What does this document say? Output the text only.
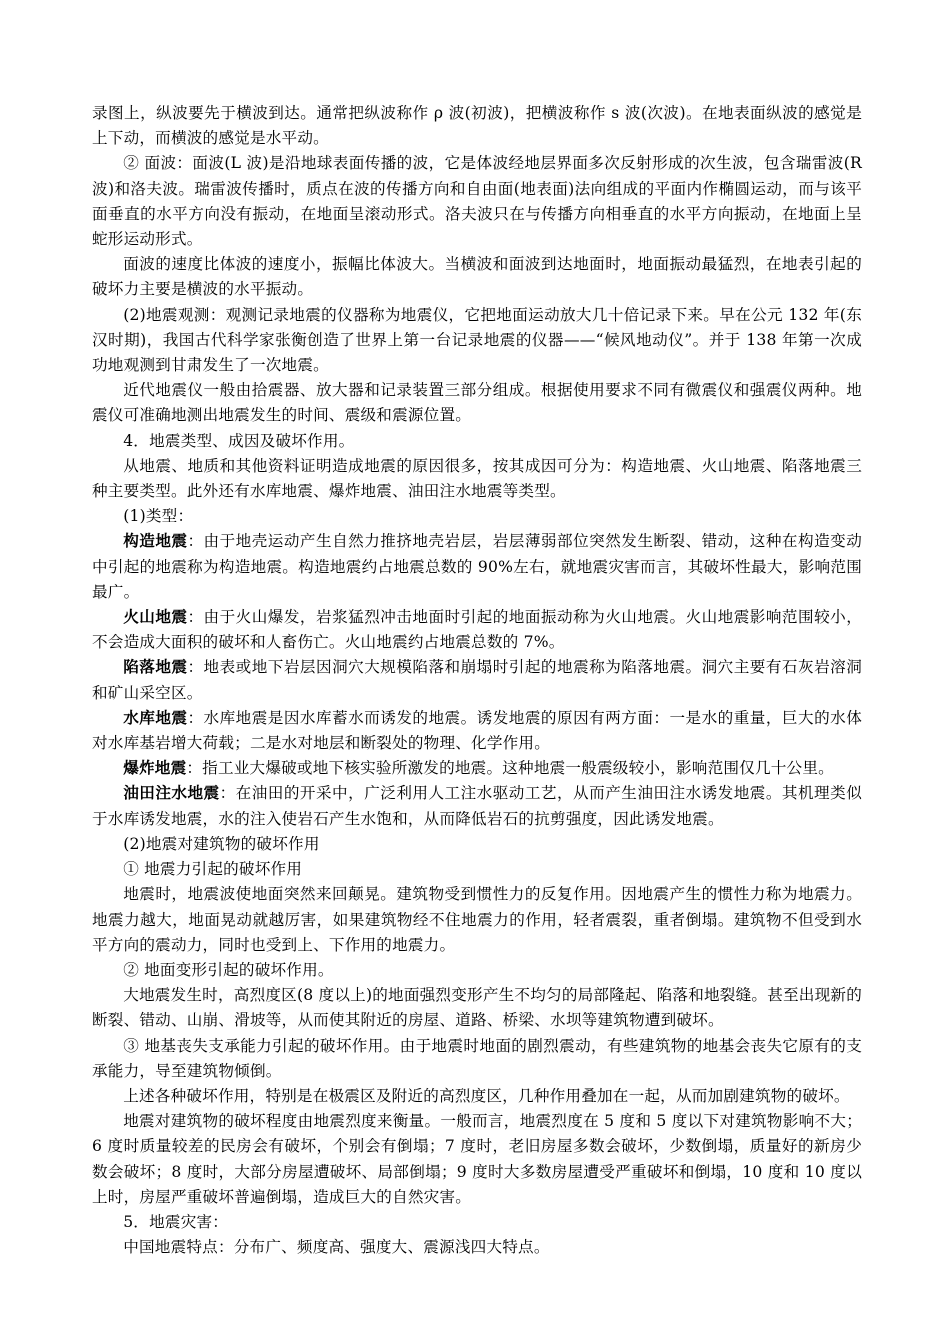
录图上，纵波要先于横波到达。通常把纵波称作 ρ 波(初波)，把横波称作 s 波(次波)。在地表面纵波的感觉是上下动，而横波的感觉是水平动。

② 面波：面波(L 波)是沿地球表面传播的波，它是体波经地层界面多次反射形成的次生波，包含瑞雷波(R 波)和洛夫波。瑞雷波传播时，质点在波的传播方向和自由面(地表面)法向组成的平面内作椭圆运动，而与该平面垂直的水平方向没有振动，在地面呈滚动形式。洛夫波只在与传播方向相垂直的水平方向振动，在地面上呈蛇形运动形式。

面波的速度比体波的速度小，振幅比体波大。当横波和面波到达地面时，地面振动最猛烈，在地表引起的破坏力主要是横波的水平振动。

(2)地震观测：观测记录地震的仪器称为地震仪，它把地面运动放大几十倍记录下来。早在公元 132 年(东汉时期)，我国古代科学家张衡创造了世界上第一台记录地震的仪器——“候风地动仪”。并于 138 年第一次成功地观测到甘肃发生了一次地震。

近代地震仪一般由拾震器、放大器和记录装置三部分组成。根据使用要求不同有微震仪和强震仪两种。地震仪可准确地测出地震发生的时间、震级和震源位置。

4．地震类型、成因及破坏作用。

从地震、地质和其他资料证明造成地震的原因很多，按其成因可分为：构造地震、火山地震、陷落地震三种主要类型。此外还有水库地震、爆炸地震、油田注水地震等类型。

(1)类型：

构造地震：由于地壳运动产生自然力推挤地壳岩层，岩层薄弱部位突然发生断裂、错动，这种在构造变动中引起的地震称为构造地震。构造地震约占地震总数的 90%左右，就地震灾害而言，其破坏性最大，影响范围最广。

火山地震：由于火山爆发，岩浆猛烈冲击地面时引起的地面振动称为火山地震。火山地震影响范围较小，不会造成大面积的破坏和人畜伤亡。火山地震约占地震总数的 7%。

陷落地震：地表或地下岩层因洞穴大规模陷落和崩塌时引起的地震称为陷落地震。洞穴主要有石灰岩溶洞和矿山采空区。

水库地震：水库地震是因水库蓄水而诱发的地震。诱发地震的原因有两方面：一是水的重量，巨大的水体对水库基岩增大荷载；二是水对地层和断裂处的物理、化学作用。

爆炸地震：指工业大爆破或地下核实验所激发的地震。这种地震一般震级较小，影响范围仅几十公里。

油田注水地震：在油田的开采中，广泛利用人工注水驱动工艺，从而产生油田注水诱发地震。其机理类似于水库诱发地震，水的注入使岩石产生水饱和，从而降低岩石的抗剪强度，因此诱发地震。

(2)地震对建筑物的破坏作用

① 地震力引起的破坏作用

地震时，地震波使地面突然来回颠晃。建筑物受到惯性力的反复作用。因地震产生的惯性力称为地震力。地震力越大，地面晃动就越厉害，如果建筑物经不住地震力的作用，轻者震裂，重者倒塌。建筑物不但受到水平方向的震动力，同时也受到上、下作用的地震力。

② 地面变形引起的破坏作用。

大地震发生时，高烈度区(8 度以上)的地面强烈变形产生不均匀的局部隆起、陷落和地裂缝。甚至出现新的断裂、错动、山崩、滑坡等，从而使其附近的房屋、道路、桥梁、水坝等建筑物遭到破坏。

③ 地基丧失支承能力引起的破坏作用。由于地震时地面的剧烈震动，有些建筑物的地基会丧失它原有的支承能力，导至建筑物倾倒。

上述各种破坏作用，特别是在极震区及附近的高烈度区，几种作用叠加在一起，从而加剧建筑物的破坏。

地震对建筑物的破坏程度由地震烈度来衡量。一般而言，地震烈度在 5 度和 5 度以下对建筑物影响不大；6 度时质量较差的民房会有破坏，个别会有倒塌；7 度时，老旧房屋多数会破坏，少数倒塌，质量好的新房少数会破坏；8 度时，大部分房屋遭破坏、局部倒塌；9 度时大多数房屋遭受严重破坏和倒塌，10 度和 10 度以上时，房屋严重破坏普遍倒塌，造成巨大的自然灾害。

5．地震灾害：

中国地震特点：分布广、频度高、强度大、震源浅四大特点。
